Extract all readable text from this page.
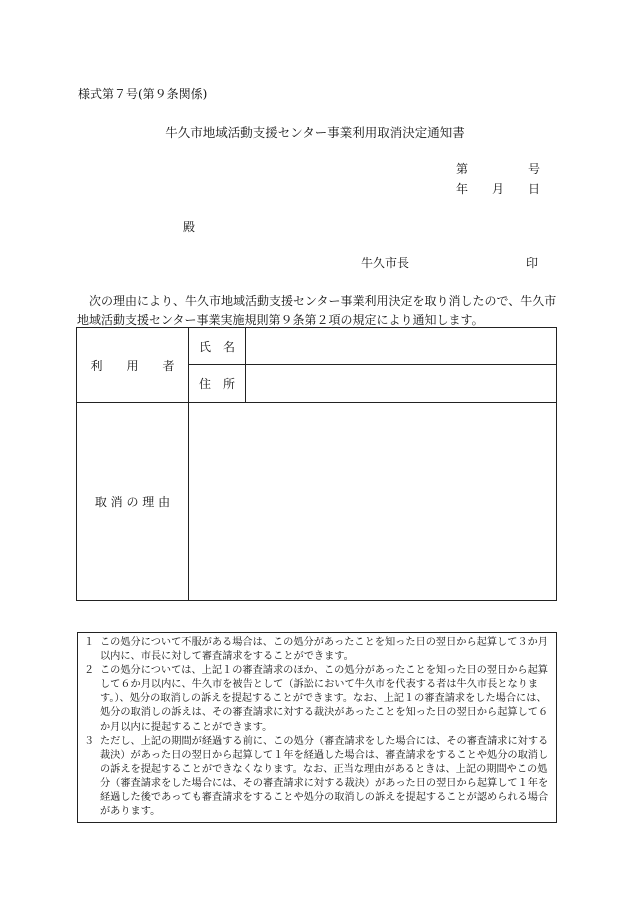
様式第７号(第９条関係)
牛久市地域活動支援センター事業利用取消決定通知書
第	号
年 月 日
殿
牛久市長	印
次の理由により、牛久市地域活動支援センター事業利用決定を取り消したので、牛久市
地域活動支援センター事業実施規則第９条第２項の規定により通知します。
利　　用　　者	氏　名	
	住　所	
取 消 の 理 由		
１ この処分について不服がある場合は、この処分があったことを知った日の翌日から起算して３か月以内に、市長に対して審査請求をすることができます。
２ この処分については、上記１の審査請求のほか、この処分があったことを知った日の翌日から起算して６か月以内に、牛久市を被告として（訴訟において牛久市を代表する者は牛久市長となります。）、処分の取消しの訴えを提起することができます。なお、上記１の審査請求をした場合には、処分の取消しの訴えは、その審査請求に対する裁決があったことを知った日の翌日から起算して６か月以内に提起することができます。
３ ただし、上記の期間が経過する前に、この処分（審査請求をした場合には、その審査請求に対する裁決）があった日の翌日から起算して１年を経過した場合は、審査請求をすることや処分の取消しの訴えを提起することができなくなります。なお、正当な理由があるときは、上記の期間やこの処分（審査請求をした場合には、その審査請求に対する裁決）があった日の翌日から起算して１年を経過した後であっても審査請求をすることや処分の取消しの訴えを提起することが認められる場合があります。
